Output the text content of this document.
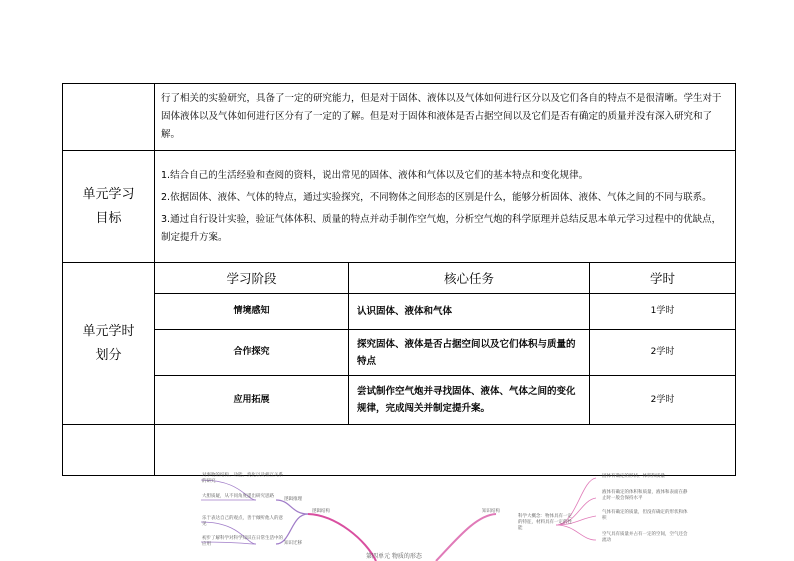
	行了相关的实验研究，具备了一定的研究能力，但是对于固体、液体以及气体如何进行区分以及它们各自的特点不是很清晰。学生对于固体液体以及气体如何进行区分有了一定的了解。但是对于固体和液体是否占据空间以及它们是否有确定的质量并没有深入研究和了解。

单元学习目标

1.结合自己的生活经验和查阅的资料，说出常见的固体、液体和气体以及它们的基本特点和变化规律。
2.依据固体、液体、气体的特点，通过实验探究，不同物体之间形态的区别是什么，能够分析固体、液体、气体之间的不同与联系。
3.通过自行设计实验，验证气体体积、质量的特点并动手制作空气炮，分析空气炮的科学原理并总结反思本单元学习过程中的优缺点，制定提升方案。

单元学时划分

学习阶段	核心任务	学时
情境感知	认识固体、液体和气体	1学时
合作探究	探究固体、液体是否占据空间以及它们体积与质量的特点	2学时
应用拓展	尝试制作空气炮并寻找固体、液体、气体之间的变化规律，完成闯关并制定提升案。	2学时

对事物的结构、功能、变化以及相互关系的研究
大胆质疑，从不同角度提出研究思路
乐于表达自己的观点，善于倾听他人的意见
初步了解科学对科学知识在日常生活中的应用
逻辑推理
知识迁移
逻辑结构	知识结构
科学大概念：物体具有一定的特征，材料具有一定的性能
固体有确定的形状、体积和质量
液体有确定的体积和质量，液体和表面在静止时一般会保持水平
气体有确定的质量，但没有确定的形状和体积
空气具有质量并占有一定的空间，空气还会流动
第四单元 物质的形态
